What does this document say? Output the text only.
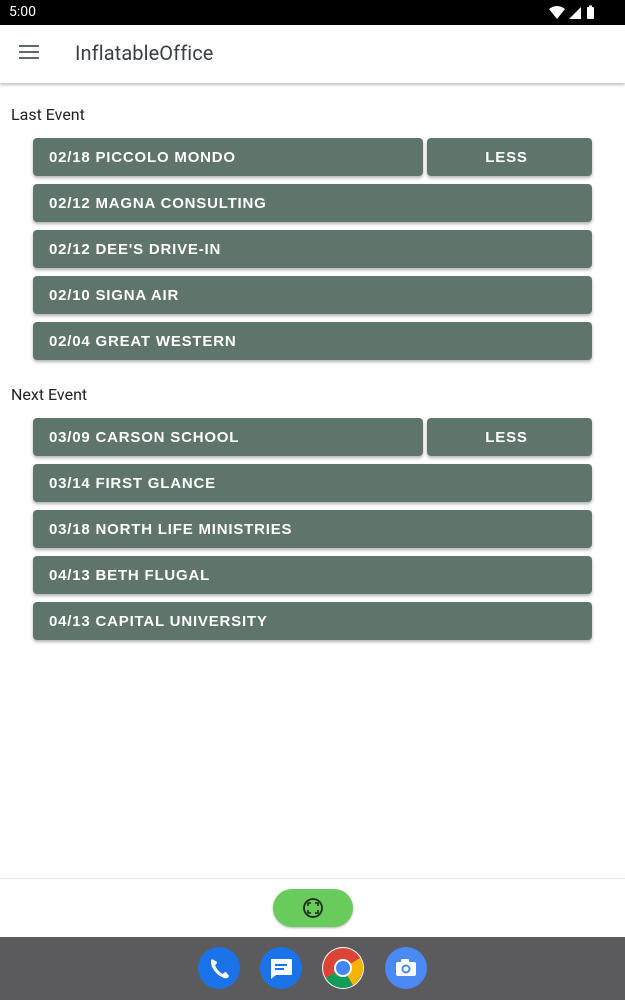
5:00
InflatableOffice
Last Event
02/18 PICCOLO MONDO	LESS
02/12 MAGNA CONSULTING
02/12 DEE'S DRIVE-IN
02/10 SIGNA AIR
02/04 GREAT WESTERN
Next Event
03/09 CARSON SCHOOL	LESS
03/14 FIRST GLANCE
03/18 NORTH LIFE MINISTRIES
04/13 BETH FLUGAL
04/13 CAPITAL UNIVERSITY
